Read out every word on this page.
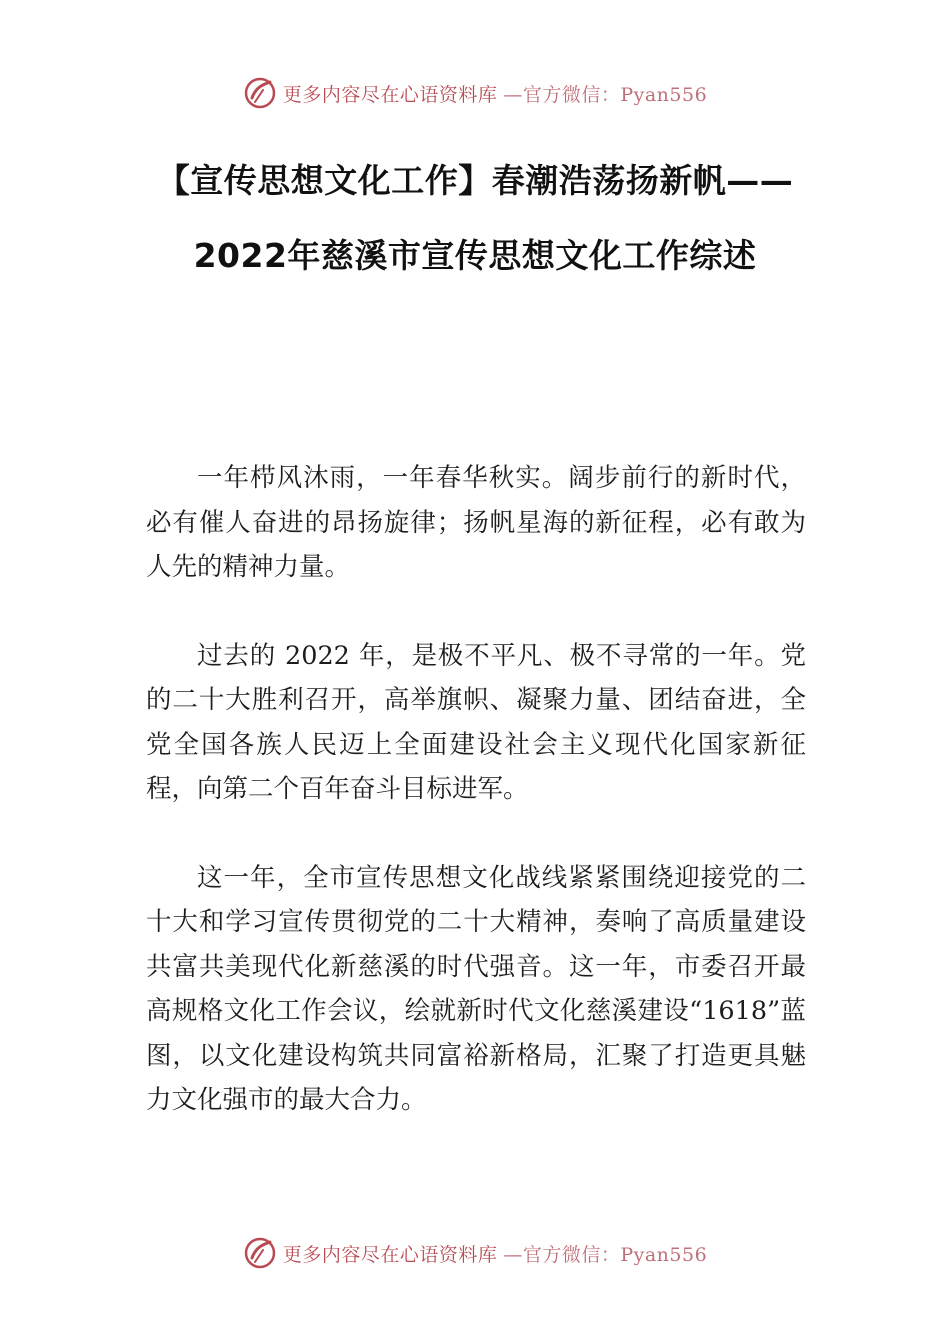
更多内容尽在心语资料库 —官方微信：Pyan556
【宣传思想文化工作】春潮浩荡扬新帆——
2022年慈溪市宣传思想文化工作综述

一年栉风沐雨，一年春华秋实。阔步前行的新时代，必有催人奋进的昂扬旋律；扬帆星海的新征程，必有敢为人先的精神力量。

过去的 2022 年，是极不平凡、极不寻常的一年。党的二十大胜利召开，高举旗帜、凝聚力量、团结奋进，全党全国各族人民迈上全面建设社会主义现代化国家新征程，向第二个百年奋斗目标进军。

这一年，全市宣传思想文化战线紧紧围绕迎接党的二十大和学习宣传贯彻党的二十大精神，奏响了高质量建设共富共美现代化新慈溪的时代强音。这一年，市委召开最高规格文化工作会议，绘就新时代文化慈溪建设“1618”蓝图，以文化建设构筑共同富裕新格局，汇聚了打造更具魅力文化强市的最大合力。

更多内容尽在心语资料库 —官方微信：Pyan556
